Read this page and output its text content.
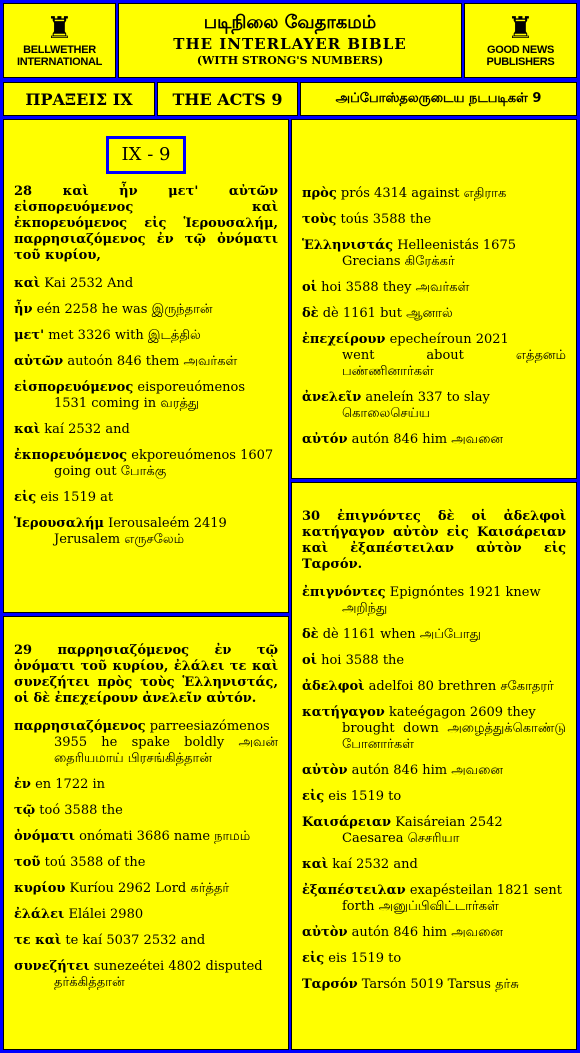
♜
BELLWETHER INTERNATIONAL
படிநிலை வேதாகமம்
THE INTERLAYER BIBLE
(WITH STRONG'S NUMBERS)
♜
GOOD NEWS PUBLISHERS
ΠΡΑΞΕΙΣ ΙΧ	THE ACTS 9	அப்போஸ்தலருடைய நடபடிகள் 9
IX - 9
28 καὶ ἦν μετ' αὐτῶν εἰσπορευόμενος καὶ ἐκπορευόμενος εἰς Ἱερουσαλήμ, παρρησιαζόμενος ἐν τῷ ὀνόματι τοῦ κυρίου,
καὶ Kai 2532 And
ἦν eén 2258 he was இருந்தான்
μετ' met 3326 with இடத்தில்
αὐτῶν autoón 846 them அவர்கள்
εἰσπορευόμενος eisporeuómenos
1531 coming in வரத்து
καὶ kaí 2532 and
ἐκπορευόμενος ekporeuómenos 1607
going out போக்கு
εἰς eis 1519 at
Ἱερουσαλήμ Ierousaleém 2419
Jerusalem எருசலேம்
πρὸς prós 4314 against எதிராக
τοὺς toús 3588 the
Ἑλληνιστάς Helleenistás 1675
Grecians கிரேக்கர்
οἱ hoi 3588 they அவர்கள்
δὲ dè 1161 but ஆனால்
ἐπεχείρουν epecheíroun 2021
went about எத்தனம் பண்ணினார்கள்
ἀνελεῖν aneleín 337 to slay
கொலைசெய்ய
αὐτόν autón 846 him அவனை
29 παρρησιαζόμενος ἐν τῷ ὀνόματι τοῦ κυρίου, ἐλάλει τε καὶ συνεζήτει πρὸς τοὺς Ἑλληνιστάς, οἱ δὲ ἐπεχείρουν ἀνελεῖν αὐτόν.
παρρησιαζόμενος parreesiazómenos
3955 he spake boldly அவன் தைரியமாய் பிரசங்கித்தான்
ἐν en 1722 in
τῷ toó 3588 the
ὀνόματι onómati 3686 name நாமம்
τοῦ toú 3588 of the
κυρίου Kuríou 2962 Lord கர்த்தர்
ἐλάλει Elálei 2980
τε καὶ te kaí 5037 2532 and
συνεζήτει sunezeétei 4802 disputed
தர்க்கித்தான்
30 ἐπιγνόντες δὲ οἱ ἀδελφοὶ κατήγαγον αὐτὸν εἰς Καισάρειαν καὶ ἐξαπέστειλαν αὐτὸν εἰς Ταρσόν.
ἐπιγνόντες Epignóntes 1921 knew
அறிந்து
δὲ dè 1161 when அப்போது
οἱ hoi 3588 the
ἀδελφοὶ adelfoi 80 brethren சகோதரர்
κατήγαγον kateégagon 2609 they
brought down அழைத்துக்கொண்டு போனார்கள்
αὐτὸν autón 846 him அவனை
εἰς eis 1519 to
Καισάρειαν Kaisáreian 2542
Caesarea செசரியா
καὶ kaí 2532 and
ἐξαπέστειλαν exapésteilan 1821 sent
forth அனுப்பிவிட்டார்கள்
αὐτὸν autón 846 him அவனை
εἰς eis 1519 to
Ταρσόν Tarsón 5019 Tarsus தர்சு
